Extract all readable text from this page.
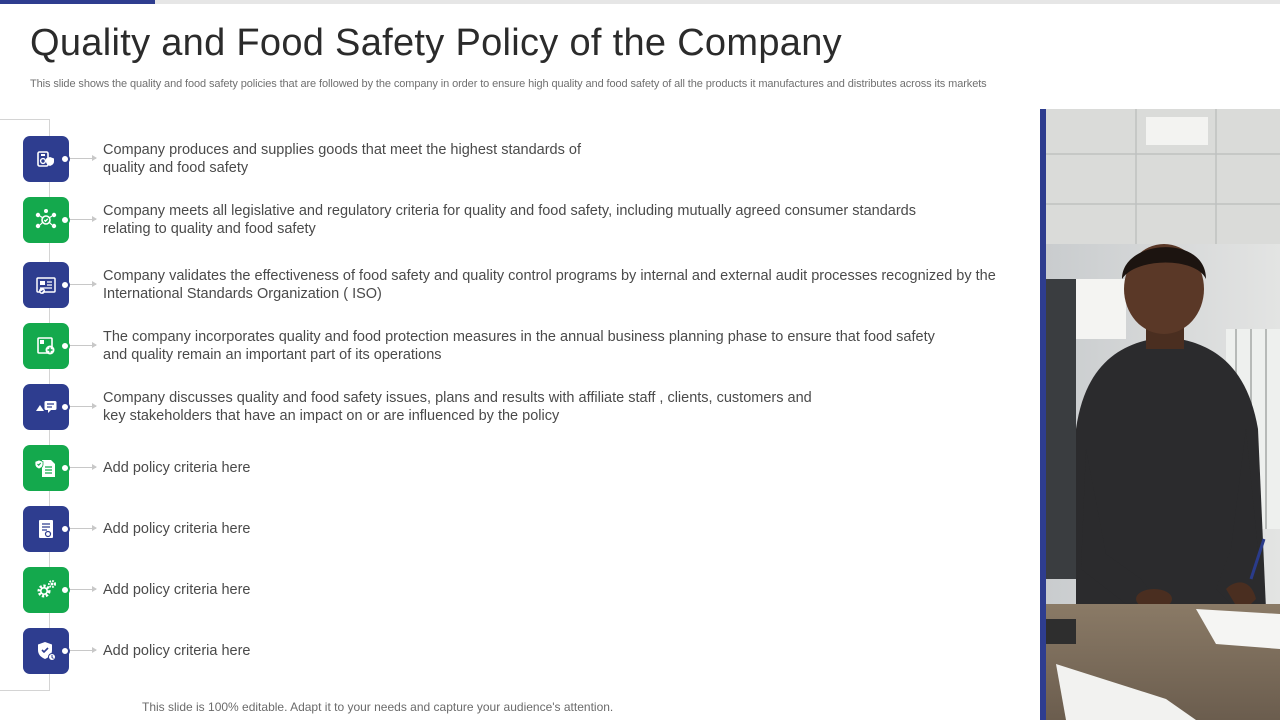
Quality and Food Safety Policy of the Company

This slide shows the quality and food safety policies that are followed by the company in order to ensure high quality and food safety of all the products it manufactures and distributes across its markets

Company produces and supplies goods that meet the highest standards of
quality and food safety
Company meets all legislative and regulatory criteria for quality and food safety, including mutually agreed consumer standards
relating to quality and food safety
Company validates the effectiveness of food safety and quality control programs by internal and external audit processes recognized by the
International Standards Organization ( ISO)
The company incorporates quality and food protection measures in the annual business planning phase to ensure that food safety
and quality remain an important part of its operations
Company discusses quality and food safety issues, plans and results with affiliate staff , clients, customers and
key stakeholders that have an impact on or are influenced by the policy
Add policy criteria here
Add policy criteria here
Add policy criteria here
Add policy criteria here

This slide is 100% editable. Adapt it to your needs and capture your audience's attention.
